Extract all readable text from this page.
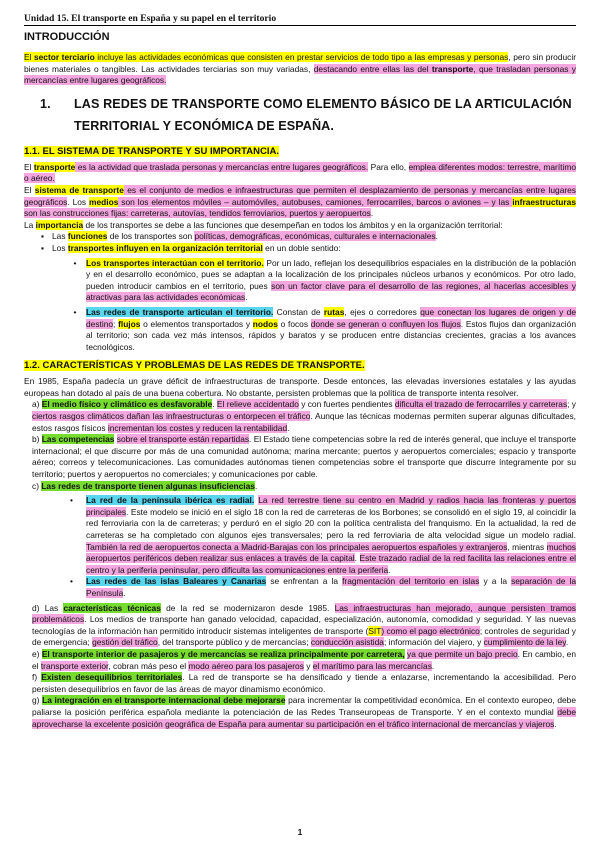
Unidad 15. El transporte en España y su papel en el territorio
INTRODUCCIÓN

El sector terciario incluye las actividades económicas que consisten en prestar servicios de todo tipo a las empresas y personas, pero sin producir bienes materiales o tangibles. Las actividades terciarias son muy variadas, destacando entre ellas las del transporte, que trasladan personas y mercancías entre lugares geográficos.

1.	LAS REDES DE TRANSPORTE COMO ELEMENTO BÁSICO DE LA ARTICULACIÓN TERRITORIAL Y ECONÓMICA DE ESPAÑA.
1.1. EL SISTEMA DE TRANSPORTE Y SU IMPORTANCIA.

El transporte es la actividad que traslada personas y mercancías entre lugares geográficos. Para ello, emplea diferentes modos: terrestre, marítimo o aéreo.

El sistema de transporte es el conjunto de medios e infraestructuras que permiten el desplazamiento de personas y mercancías entre lugares geográficos. Los medios son los elementos móviles – automóviles, autobuses, camiones, ferrocarriles, barcos o aviones – y las infraestructuras son las construcciones fijas: carreteras, autovías, tendidos ferroviarios, puertos y aeropuertos.

La importancia de los transportes se debe a las funciones que desempeñan en todos los ámbitos y en la organización territorial:

▪ Las funciones de los transportes son políticas, demográficas, económicas, culturales e internacionales.
▪ Los transportes influyen en la organización territorial en un doble sentido:
•	Los transportes interactúan con el territorio. Por un lado, reflejan los desequilibrios espaciales en la distribución de la población y en el desarrollo económico, pues se adaptan a la localización de los principales núcleos urbanos y económicos. Por otro lado, pueden introducir cambios en el territorio, pues son un factor clave para el desarrollo de las regiones, al hacerlas accesibles y atractivas para las actividades económicas.
•	Las redes de transporte articulan el territorio. Constan de rutas, ejes o corredores que conectan los lugares de origen y de destino; flujos o elementos transportados y nodos o focos donde se generan o confluyen los flujos. Estos flujos dan organización al territorio; son cada vez más intensos, rápidos y baratos y se producen entre distancias crecientes, gracias a los avances tecnológicos.
1.2. CARACTERÍSTICAS Y PROBLEMAS DE LAS REDES DE TRANSPORTE.

En 1985, España padecía un grave déficit de infraestructuras de transporte. Desde entonces, las elevadas inversiones estatales y las ayudas europeas han dotado al país de una buena cobertura. No obstante, persisten problemas que la política de transporte intenta resolver.

a) El medio físico y climático es desfavorable. El relieve accidentado y con fuertes pendientes dificulta el trazado de ferrocarriles y carreteras; y ciertos rasgos climáticos dañan las infraestructuras o entorpecen el tráfico. Aunque las técnicas modernas permiten superar algunas dificultades, estos rasgos físicos incrementan los costes y reducen la rentabilidad.

b) Las competencias sobre el transporte están repartidas. El Estado tiene competencias sobre la red de interés general, que incluye el transporte internacional; el que discurre por más de una comunidad autónoma; marina mercante; puertos y aeropuertos comerciales; espacio y transporte aéreo; correos y telecomunicaciones. Las comunidades autónomas tienen competencias sobre el transporte que discurre íntegramente por su territorio; puertos y aeropuertos no comerciales; y comunicaciones por cable.

c) Las redes de transporte tienen algunas insuficiencias.

•	La red de la península ibérica es radial. La red terrestre tiene su centro en Madrid y radios hacia las fronteras y puertos principales. Este modelo se inició en el siglo 18 con la red de carreteras de los Borbones; se consolidó en el siglo 19, al coincidir la red ferroviaria con la de carreteras; y perduró en el siglo 20 con la política centralista del franquismo. En la actualidad, la red de carreteras se ha completado con algunos ejes transversales; pero la red ferroviaria de alta velocidad sigue un modelo radial. También la red de aeropuertos conecta a Madrid-Barajas con los principales aeropuertos españoles y extranjeros, mientras muchos aeropuertos periféricos deben realizar sus enlaces a través de la capital. Este trazado radial de la red facilita las relaciones entre el centro y la periferia peninsular, pero dificulta las comunicaciones entre la periferia.
•	Las redes de las islas Baleares y Canarias se enfrentan a la fragmentación del territorio en islas y a la separación de la Península.

d) Las características técnicas de la red se modernizaron desde 1985. Las infraestructuras han mejorado, aunque persisten tramos problemáticos. Los medios de transporte han ganado velocidad, capacidad, especialización, autonomía, comodidad y seguridad. Y las nuevas tecnologías de la información han permitido introducir sistemas inteligentes de transporte (SIT) como el pago electrónico; controles de seguridad y de emergencia; gestión del tráfico, del transporte público y de mercancías; conducción asistida; información del viajero, y cumplimiento de la ley.

e) El transporte interior de pasajeros y de mercancías se realiza principalmente por carretera, ya que permite un bajo precio. En cambio, en el transporte exterior, cobran más peso el modo aéreo para los pasajeros y el marítimo para las mercancías.

f) Existen desequilibrios territoriales. La red de transporte se ha densificado y tiende a enlazarse, incrementando la accesibilidad. Pero persisten desequilibrios en favor de las áreas de mayor dinamismo económico.

g) La integración en el transporte internacional debe mejorarse para incrementar la competitividad económica. En el contexto europeo, debe paliarse la posición periférica española mediante la potenciación de las Redes Transeuropeas de Transporte. Y en el contexto mundial debe aprovecharse la excelente posición geográfica de España para aumentar su participación en el tráfico internacional de mercancías y viajeros.

1
